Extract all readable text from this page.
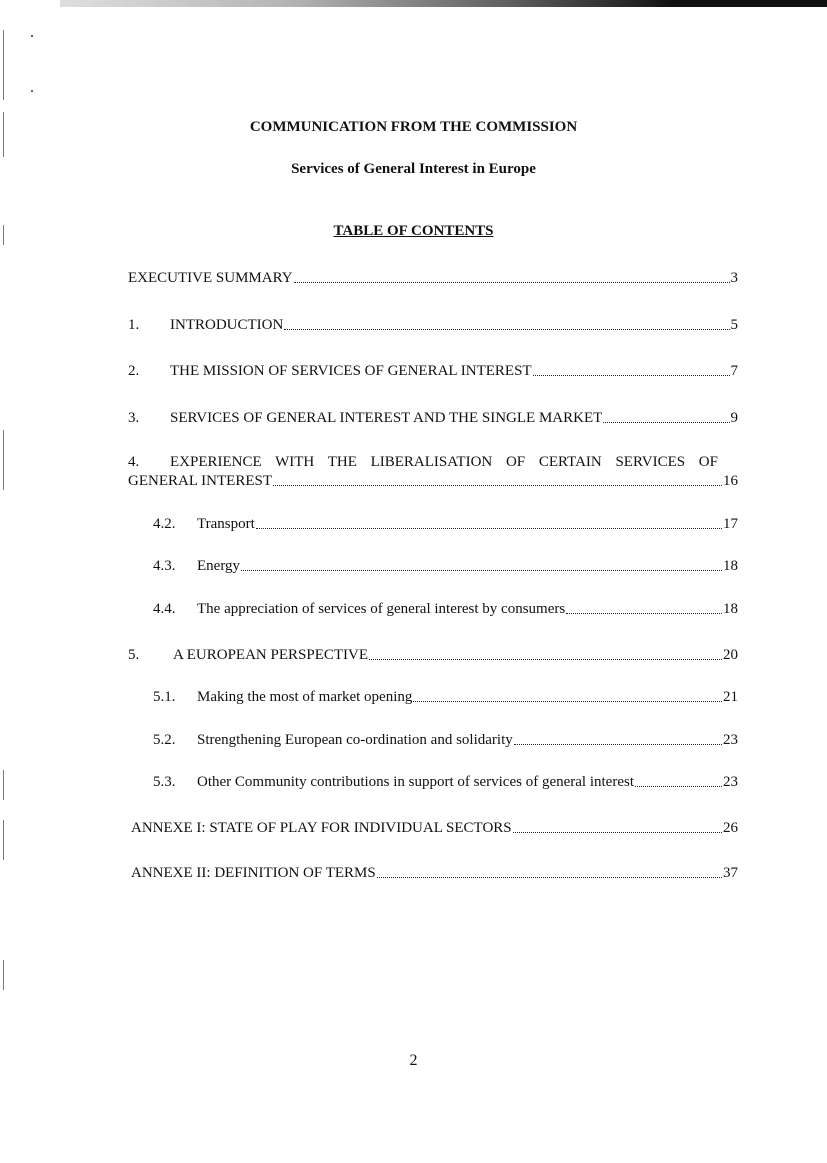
COMMUNICATION FROM THE COMMISSION
Services of General Interest in Europe
TABLE OF CONTENTS
EXECUTIVE SUMMARY	3
1.	INTRODUCTION	5
2.	THE MISSION OF SERVICES OF GENERAL INTEREST	7
3.	SERVICES OF GENERAL INTEREST AND THE SINGLE MARKET	9
4.	EXPERIENCE WITH THE LIBERALISATION OF CERTAIN SERVICES OF
GENERAL INTEREST	16
4.2.	Transport	17
4.3.	Energy	18
4.4.	The appreciation of services of general interest by consumers	18
5.	A EUROPEAN PERSPECTIVE	20
5.1.	Making the most of market opening	21
5.2.	Strengthening European co-ordination and solidarity	23
5.3.	Other Community contributions in support of services of general interest	23
ANNEXE I: STATE OF PLAY FOR INDIVIDUAL SECTORS	26
ANNEXE II: DEFINITION OF TERMS	37
2
